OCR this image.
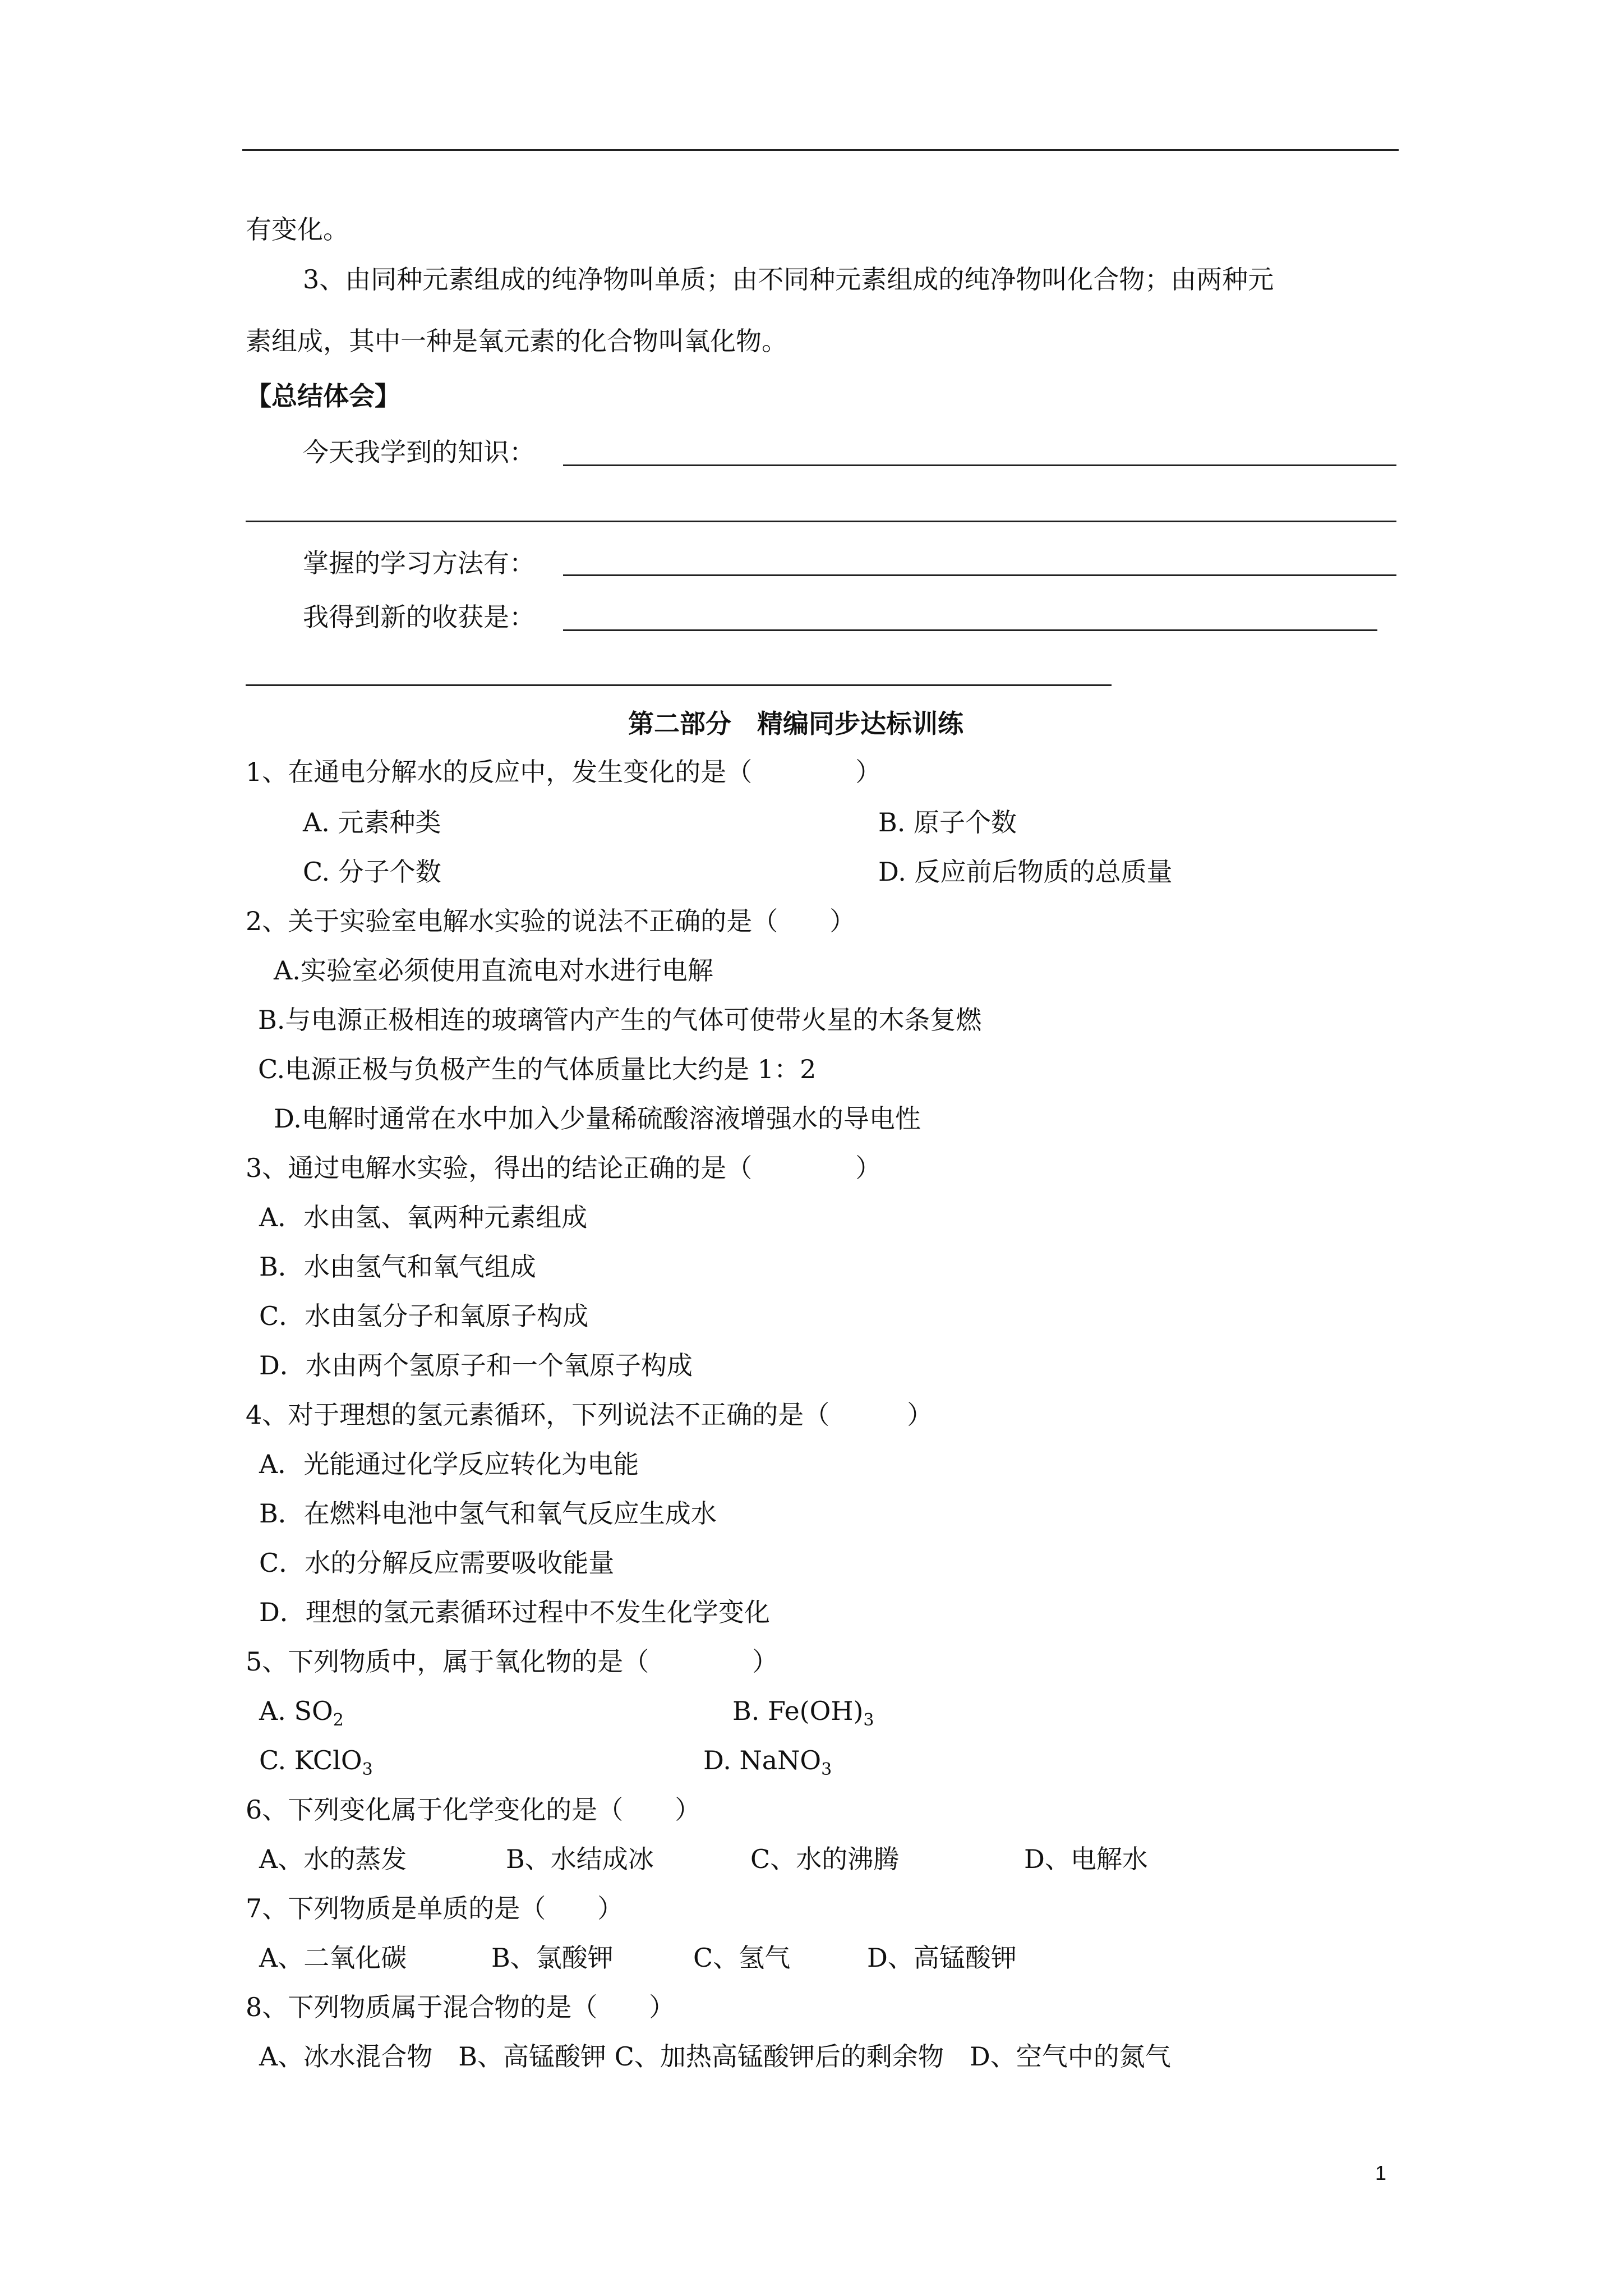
有变化。
3、由同种元素组成的纯净物叫单质；由不同种元素组成的纯净物叫化合物；由两种元
素组成，其中一种是氧元素的化合物叫氧化物。
【总结体会】
今天我学到的知识：
掌握的学习方法有：
我得到新的收获是：
第二部分　精编同步达标训练
1、在通电分解水的反应中，发生变化的是（　　　　）
A. 元素种类	B. 原子个数
C. 分子个数	D. 反应前后物质的总质量
2、关于实验室电解水实验的说法不正确的是（　　）
A.实验室必须使用直流电对水进行电解
B.与电源正极相连的玻璃管内产生的气体可使带火星的木条复燃
C.电源正极与负极产生的气体质量比大约是 1：2
D.电解时通常在水中加入少量稀硫酸溶液增强水的导电性
3、通过电解水实验，得出的结论正确的是（　　　　）
A．水由氢、氧两种元素组成
B．水由氢气和氧气组成
C．水由氢分子和氧原子构成
D．水由两个氢原子和一个氧原子构成
4、对于理想的氢元素循环，下列说法不正确的是（　　　）
A．光能通过化学反应转化为电能
B．在燃料电池中氢气和氧气反应生成水
C．水的分解反应需要吸收能量
D．理想的氢元素循环过程中不发生化学变化
5、下列物质中，属于氧化物的是（　　　　）
A. $SO_2$	B. $Fe(OH)_3$
C. KClO$_3$	D. NaNO$_3$
6、下列变化属于化学变化的是（　　）
A、水的蒸发	B、水结成冰	C、水的沸腾	D、电解水
7、下列物质是单质的是（　　）
A、二氧化碳	B、氯酸钾	C、氢气	D、高锰酸钾
8、下列物质属于混合物的是（　　）
A、冰水混合物　B、高锰酸钾 C、加热高锰酸钾后的剩余物　D、空气中的氮气
1
